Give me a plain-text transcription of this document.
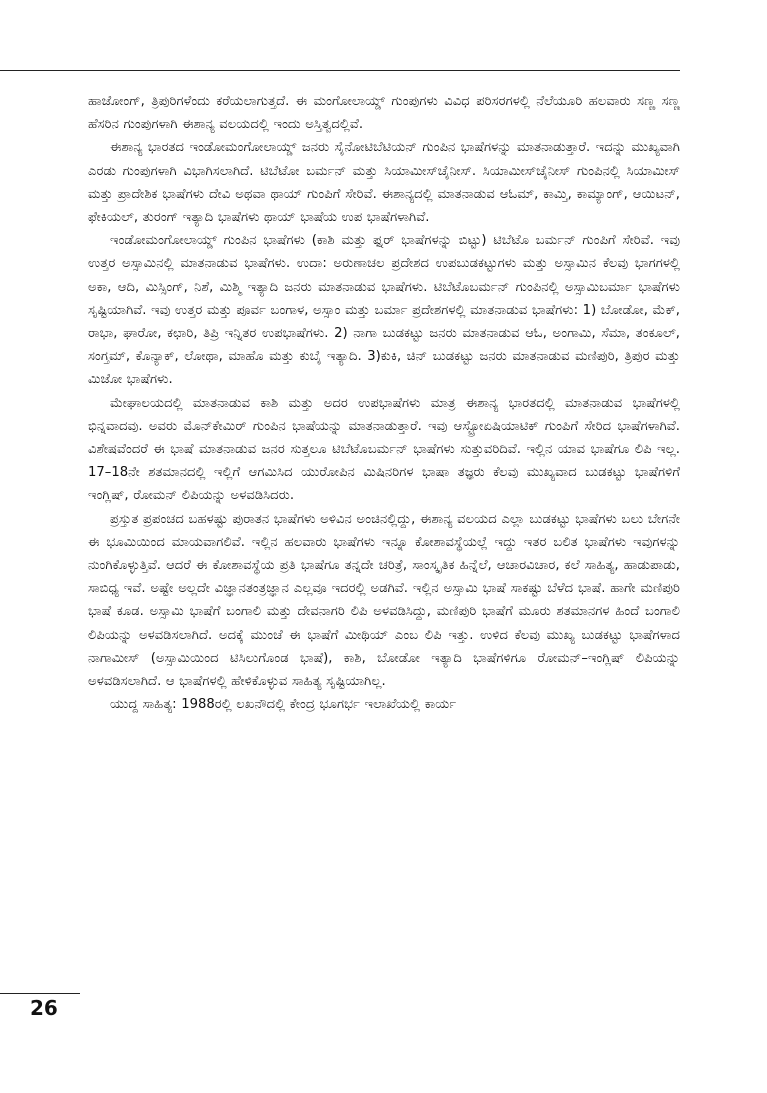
ಹಾಜೋಂಗ್, ತ್ರಿಪುರಿಗಳೆಂದು ಕರೆಯಲಾಗುತ್ತದೆ. ಈ ಮಂಗೋಲಾಯ್ಡ್ ಗುಂಪುಗಳು ವಿವಿಧ ಪರಿಸರಗಳಲ್ಲಿ ನೆಲೆಯೂರಿ ಹಲವಾರು ಸಣ್ಣ ಸಣ್ಣ ಹೆಸರಿನ ಗುಂಪುಗಳಾಗಿ ಈಶಾನ್ಯ ವಲಯದಲ್ಲಿ ಇಂದು ಅಸ್ತಿತ್ವದಲ್ಲಿವೆ.

ಈಶಾನ್ಯ ಭಾರತದ ಇಂಡೋಮಂಗೋಲಾಯ್ಡ್ ಜನರು ಸೈನೋಟಿಬೆಟಿಯನ್ ಗುಂಪಿನ ಭಾಷೆಗಳನ್ನು ಮಾತನಾಡುತ್ತಾರೆ. ಇದನ್ನು ಮುಖ್ಯವಾಗಿ ಎರಡು ಗುಂಪುಗಳಾಗಿ ವಿಭಾಗಿಸಲಾಗಿದೆ. ಟಿಬೆಟೋ ಬರ್ಮನ್ ಮತ್ತು ಸಿಯಾಮೀಸ್‌ಚೈನೀಸ್. ಸಿಯಾಮೀಸ್‌ಚೈನೀಸ್ ಗುಂಪಿನಲ್ಲಿ ಸಿಯಾಮೀಸ್ ಮತ್ತು ಪ್ರಾದೇಶಿಕ ಭಾಷೆಗಳು ದೇವಿ ಅಥವಾ ಥಾಯ್ ಗುಂಪಿಗೆ ಸೇರಿವೆ. ಈಶಾನ್ಯದಲ್ಲಿ ಮಾತನಾಡುವ ಆಓಮ್, ಕಾಮ್ತಿ, ಕಾಮ್ಯಾಂಗ್, ಆಯಿಟನ್, ಫೇಕಿಯಲ್, ತುರಂಗ್ ಇತ್ಯಾದಿ ಭಾಷೆಗಳು ಥಾಯ್ ಭಾಷೆಯ ಉಪ ಭಾಷೆಗಳಾಗಿವೆ.

ಇಂಡೋಮಂಗೋಲಾಯ್ಡ್ ಗುಂಪಿನ ಭಾಷೆಗಳು (ಕಾಶಿ ಮತ್ತು ಫ್ನರ್ ಭಾಷೆಗಳನ್ನು ಬಿಟ್ಟು) ಟಿಬೆಟೊ ಬರ್ಮನ್ ಗುಂಪಿಗೆ ಸೇರಿವೆ. ಇವು ಉತ್ತರ ಅಸ್ಸಾಮಿನಲ್ಲಿ ಮಾತನಾಡುವ ಭಾಷೆಗಳು. ಉದಾ: ಅರುಣಾಚಲ ಪ್ರದೇಶದ ಉಪಬುಡಕಟ್ಟುಗಳು ಮತ್ತು ಅಸ್ಸಾಮಿನ ಕೆಲವು ಭಾಗಗಳಲ್ಲಿ ಅಕಾ, ಆದಿ, ಮಿಸ್ಸಿಂಗ್, ನಿಶೆ, ಮಿಶ್ಮಿ ಇತ್ಯಾದಿ ಜನರು ಮಾತನಾಡುವ ಭಾಷೆಗಳು. ಟಿಬೆಟೊಬರ್ಮನ್ ಗುಂಪಿನಲ್ಲಿ ಅಸ್ಸಾಮಿಬರ್ಮಾ ಭಾಷೆಗಳು ಸೃಷ್ಟಿಯಾಗಿವೆ. ಇವು ಉತ್ತರ ಮತ್ತು ಪೂರ್ವ ಬಂಗಾಳ, ಅಸ್ಸಾಂ ಮತ್ತು ಬರ್ಮಾ ಪ್ರದೇಶಗಳಲ್ಲಿ ಮಾತನಾಡುವ ಭಾಷೆಗಳು: 1) ಬೋಡೋ, ಮೆಕ್, ರಾಭಾ, ಘಾರೋ, ಕಛಾರಿ, ತಿಪ್ರಿ ಇನ್ನಿತರ ಉಪಭಾಷೆಗಳು. 2) ನಾಗಾ ಬುಡಕಟ್ಟು ಜನರು ಮಾತನಾಡುವ ಆಓ, ಅಂಗಾಮಿ, ಸೆಮಾ, ತಂಕೂಲ್, ಸಂಗ್ತಮ್, ಕೊನ್ಯಾಕ್, ಲೋಥಾ, ಮಾಹೊ ಮತ್ತು ಕುಬೈ ಇತ್ಯಾದಿ. 3)ಕುಕಿ, ಚಿನ್ ಬುಡಕಟ್ಟು ಜನರು ಮಾತನಾಡುವ ಮಣಿಪುರಿ, ತ್ರಿಪುರ ಮತ್ತು ಮಿಜೋ ಭಾಷೆಗಳು.

ಮೇಘಾಲಯದಲ್ಲಿ ಮಾತನಾಡುವ ಕಾಶಿ ಮತ್ತು ಅದರ ಉಪಭಾಷೆಗಳು ಮಾತ್ರ ಈಶಾನ್ಯ ಭಾರತದಲ್ಲಿ ಮಾತನಾಡುವ ಭಾಷೆಗಳಲ್ಲಿ ಭಿನ್ನವಾದವು. ಅವರು ಮೊನ್‌ಕೇಮಿರ್ ಗುಂಪಿನ ಭಾಷೆಯನ್ನು ಮಾತನಾಡುತ್ತಾರೆ. ಇವು ಆಸ್ಟ್ರೋಏಷಿಯಾಟಿಕ್ ಗುಂಪಿಗೆ ಸೇರಿದ ಭಾಷೆಗಳಾಗಿವೆ. ವಿಶೇಷವೆಂದರೆ ಈ ಭಾಷೆ ಮಾತನಾಡುವ ಜನರ ಸುತ್ತಲೂ ಟಿಬೆಟೊಬರ್ಮನ್ ಭಾಷೆಗಳು ಸುತ್ತುವರಿದಿವೆ. ಇಲ್ಲಿನ ಯಾವ ಭಾಷೆಗೂ ಲಿಪಿ ಇಲ್ಲ. 17–18ನೇ ಶತಮಾನದಲ್ಲಿ ಇಲ್ಲಿಗೆ ಆಗಮಿಸಿದ ಯುರೋಪಿನ ಮಿಷಿನರಿಗಳ ಭಾಷಾ ತಜ್ಞರು ಕೆಲವು ಮುಖ್ಯವಾದ ಬುಡಕಟ್ಟು ಭಾಷೆಗಳಿಗೆ ಇಂಗ್ಲಿಷ್, ರೋಮನ್ ಲಿಪಿಯನ್ನು ಅಳವಡಿಸಿದರು.

ಪ್ರಸ್ತುತ ಪ್ರಪಂಚದ ಬಹಳಷ್ಟು ಪುರಾತನ ಭಾಷೆಗಳು ಅಳಿವಿನ ಅಂಚಿನಲ್ಲಿದ್ದು, ಈಶಾನ್ಯ ವಲಯದ ಎಲ್ಲಾ ಬುಡಕಟ್ಟು ಭಾಷೆಗಳು ಬಲು ಬೇಗನೇ ಈ ಭೂಮಿಯಿಂದ ಮಾಯವಾಗಲಿವೆ. ಇಲ್ಲಿನ ಹಲವಾರು ಭಾಷೆಗಳು ಇನ್ನೂ ಕೋಶಾವಸ್ಥೆಯಲ್ಲೆ ಇದ್ದು ಇತರ ಬಲಿತ ಭಾಷೆಗಳು ಇವುಗಳನ್ನು ನುಂಗಿಕೊಳ್ಳುತ್ತಿವೆ. ಆದರೆ ಈ ಕೋಶಾವಸ್ಥೆಯ ಪ್ರತಿ ಭಾಷೆಗೂ ತನ್ನದೇ ಚರಿತ್ರೆ, ಸಾಂಸ್ಕೃತಿಕ ಹಿನ್ನೆಲೆ, ಆಚಾರವಿಚಾರ, ಕಲೆ ಸಾಹಿತ್ಯ, ಹಾಡುಪಾಡು, ಸಾಬಿಧ್ಯ ಇವೆ. ಅಷ್ಟೇ ಅಲ್ಲದೇ ವಿಜ್ಞಾನತಂತ್ರಜ್ಞಾನ ಎಲ್ಲವೂ ಇದರಲ್ಲಿ ಅಡಗಿವೆ. ಇಲ್ಲಿನ ಅಸ್ಸಾಮಿ ಭಾಷೆ ಸಾಕಷ್ಟು ಬೆಳೆದ ಭಾಷೆ. ಹಾಗೇ ಮಣಿಪುರಿ ಭಾಷೆ ಕೂಡ. ಅಸ್ಸಾಮಿ ಭಾಷೆಗೆ ಬಂಗಾಲಿ ಮತ್ತು ದೇವನಾಗರಿ ಲಿಪಿ ಅಳವಡಿಸಿದ್ದು, ಮಣಿಪುರಿ ಭಾಷೆಗೆ ಮೂರು ಶತಮಾನಗಳ ಹಿಂದೆ ಬಂಗಾಲಿ ಲಿಪಿಯನ್ನು ಅಳವಡಿಸಲಾಗಿದೆ. ಅದಕ್ಕೆ ಮುಂಚೆ ಈ ಭಾಷೆಗೆ ಮೀಥಿಯ್ ಎಂಬ ಲಿಪಿ ಇತ್ತು. ಉಳಿದ ಕೆಲವು ಮುಖ್ಯ ಬುಡಕಟ್ಟು ಭಾಷೆಗಳಾದ ನಾಗಾಮೀಸ್ (ಅಸ್ಸಾಮಿಯಿಂದ ಟಿಸಿಲುಗೊಂಡ ಭಾಷೆ), ಕಾಶಿ, ಬೋಡೋ ಇತ್ಯಾದಿ ಭಾಷೆಗಳಿಗೂ ರೋಮನ್–ಇಂಗ್ಲಿಷ್ ಲಿಪಿಯನ್ನು ಅಳವಡಿಸಲಾಗಿದೆ. ಆ ಭಾಷೆಗಳಲ್ಲಿ ಹೇಳಿಕೊಳ್ಳುವ ಸಾಹಿತ್ಯ ಸೃಷ್ಟಿಯಾಗಿಲ್ಲ.

ಯುದ್ದ ಸಾಹಿತ್ಯ: 1988ರಲ್ಲಿ ಲಖನೌದಲ್ಲಿ ಕೇಂದ್ರ ಭೂಗರ್ಭ ಇಲಾಖೆಯಲ್ಲಿ ಕಾರ್ಯ

26
